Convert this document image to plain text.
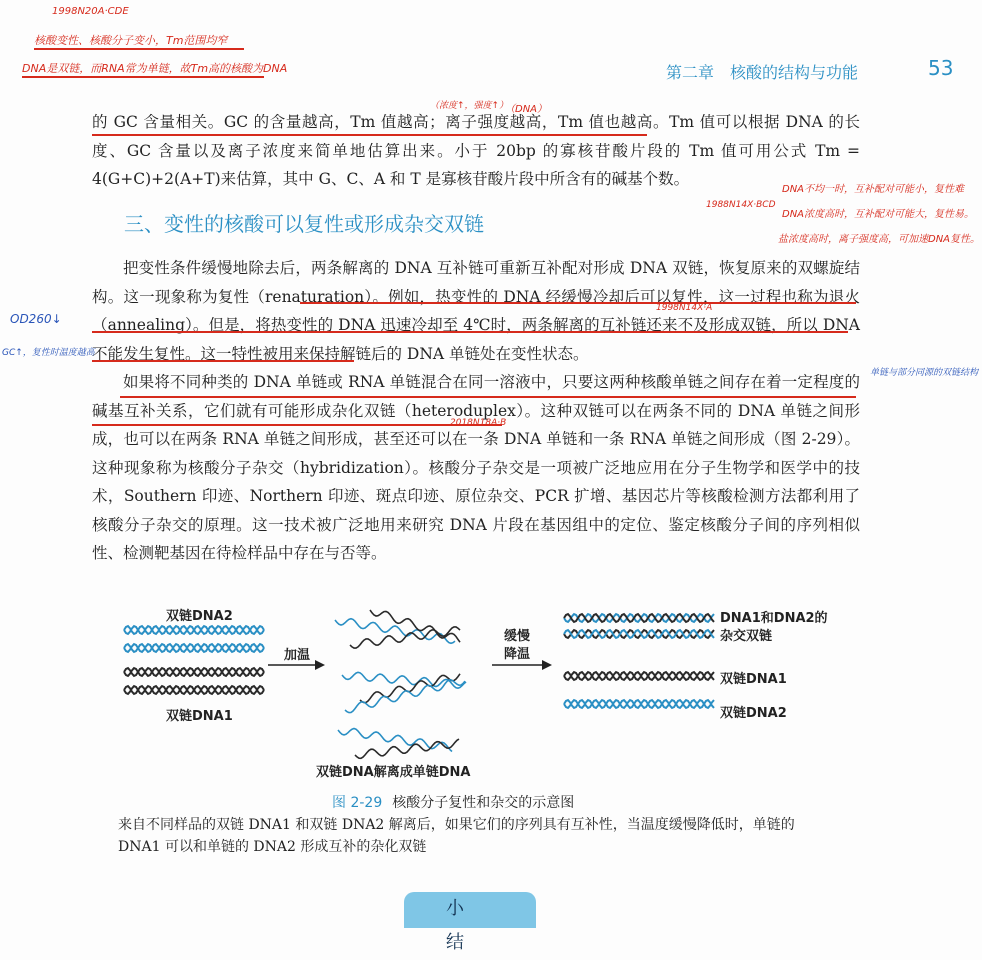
第二章　核酸的结构与功能	53
1998N20A·CDE
核酸变性、核酸分子变小，Tm范围均窄
DNA是双链，而RNA常为单链，故Tm高的核酸为DNA
（浓度↑，强度↑）
（DNA）

的 GC 含量相关。GC 的含量越高，Tm 值越高；离子强度越高，Tm 值也越高。Tm 值可以根据 DNA 的长度、GC 含量以及离子浓度来简单地估算出来。小于 20bp 的寡核苷酸片段的 Tm 值可用公式 Tm = 4(G+C)+2(A+T)来估算，其中 G、C、A 和 T 是寡核苷酸片段中所含有的碱基个数。

DNA不均一时，互补配对可能小，复性难
1988N14X·BCD
DNA浓度高时，互补配对可能大，复性易。
盐浓度高时，离子强度高，可加速DNA复性。
三、变性的核酸可以复性或形成杂交双链
OD260↓
GC↑，复性时温度越高
单链与部分同源的双链结构
1998N14X·A
2018N18A·B

把变性条件缓慢地除去后，两条解离的 DNA 互补链可重新互补配对形成 DNA 双链，恢复原来的双螺旋结构。这一现象称为复性（renaturation）。例如，热变性的 DNA 经缓慢冷却后可以复性，这一过程也称为退火（annealing）。但是，将热变性的 DNA 迅速冷却至 4℃时，两条解离的互补链还来不及形成双链，所以 DNA 不能发生复性。这一特性被用来保持解链后的 DNA 单链处在变性状态。

如果将不同种类的 DNA 单链或 RNA 单链混合在同一溶液中，只要这两种核酸单链之间存在着一定程度的碱基互补关系，它们就有可能形成杂化双链（heteroduplex）。这种双链可以在两条不同的 DNA 单链之间形成，也可以在两条 RNA 单链之间形成，甚至还可以在一条 DNA 单链和一条 RNA 单链之间形成（图 2-29）。这种现象称为核酸分子杂交（hybridization）。核酸分子杂交是一项被广泛地应用在分子生物学和医学中的技术，Southern 印迹、Northern 印迹、斑点印迹、原位杂交、PCR 扩增、基因芯片等核酸检测方法都利用了核酸分子杂交的原理。这一技术被广泛地用来研究 DNA 片段在基因组中的定位、鉴定核酸分子间的序列相似性、检测靶基因在待检样品中存在与否等。

双链DNA2
双链DNA1
加温
缓慢
降温
DNA1和DNA2的
杂交双链
双链DNA1
双链DNA2
双链DNA解离成单链DNA
图 2-29 核酸分子复性和杂交的示意图
来自不同样品的双链 DNA1 和双链 DNA2 解离后，如果它们的序列具有互补性，当温度缓慢降低时，单链的 DNA1 可以和单链的 DNA2 形成互补的杂化双链
小　结
